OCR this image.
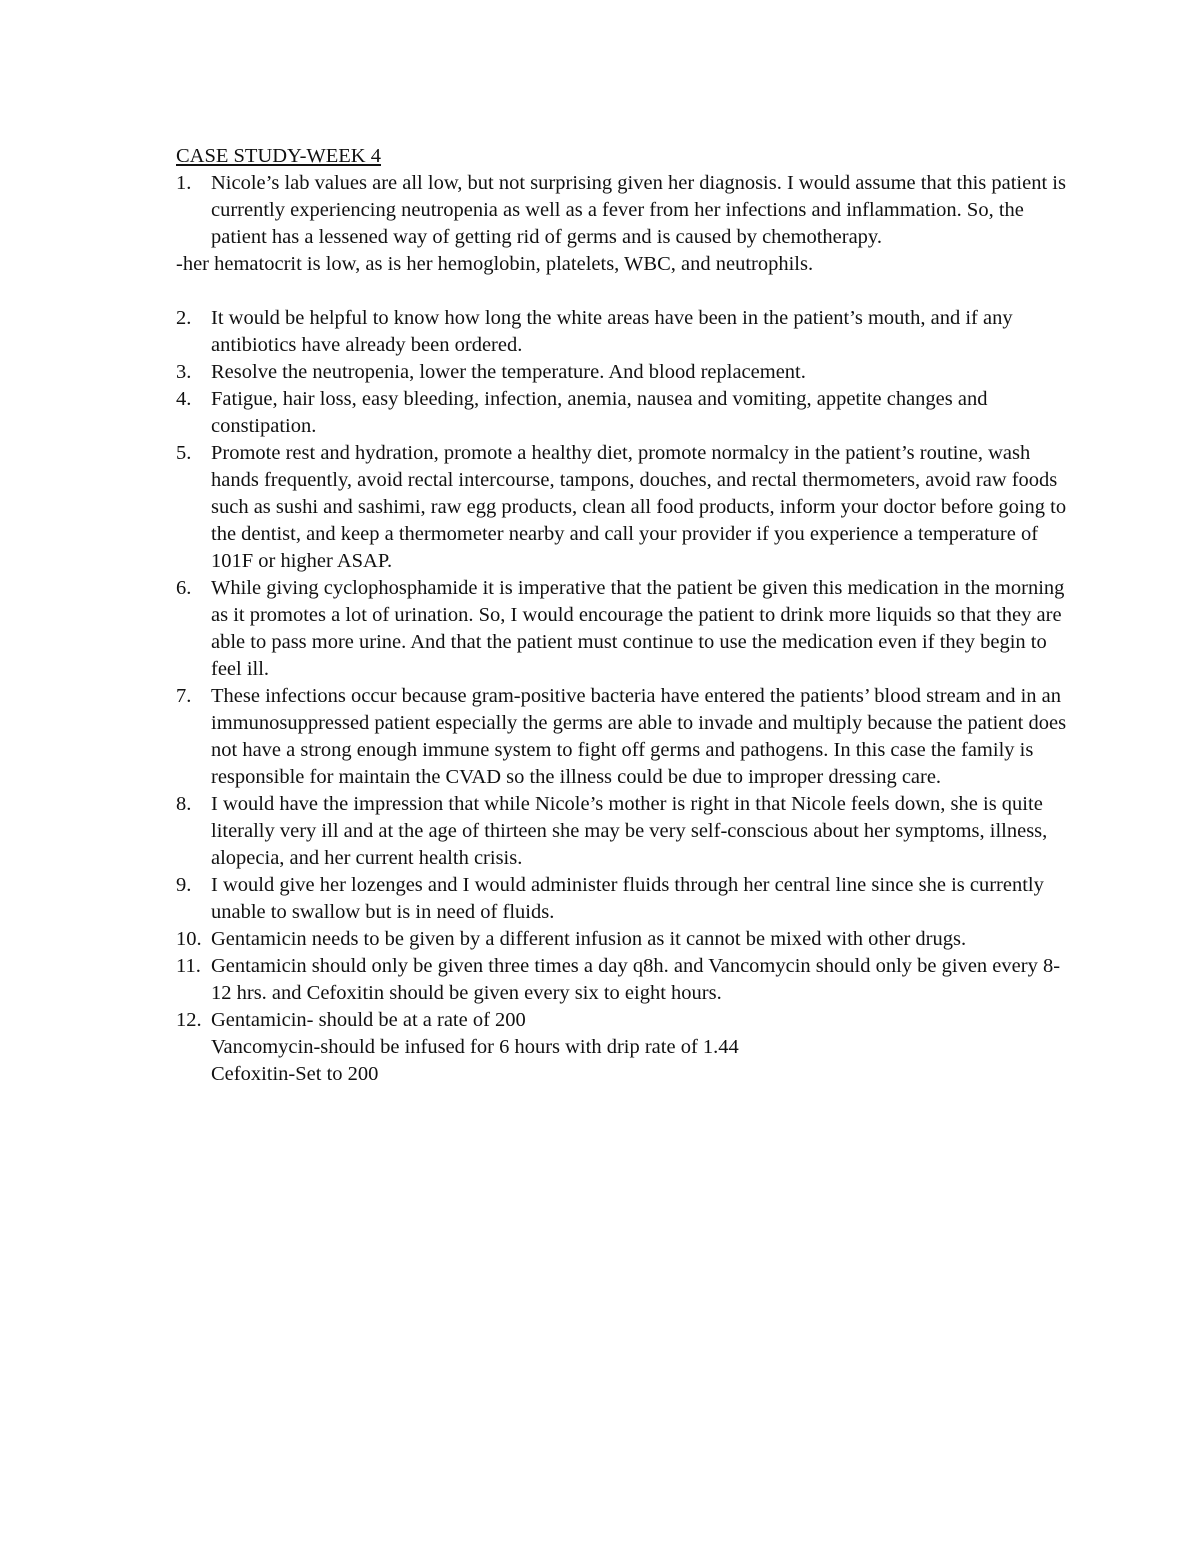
CASE STUDY-WEEK 4
1. Nicole’s lab values are all low, but not surprising given her diagnosis. I would assume that this patient is currently experiencing neutropenia as well as a fever from her infections and inflammation. So, the patient has a lessened way of getting rid of germs and is caused by chemotherapy.
-her hematocrit is low, as is her hemoglobin, platelets, WBC, and neutrophils.
2. It would be helpful to know how long the white areas have been in the patient’s mouth, and if any antibiotics have already been ordered.
3. Resolve the neutropenia, lower the temperature. And blood replacement.
4. Fatigue, hair loss, easy bleeding, infection, anemia, nausea and vomiting, appetite changes and constipation.
5. Promote rest and hydration, promote a healthy diet, promote normalcy in the patient’s routine, wash hands frequently, avoid rectal intercourse, tampons, douches, and rectal thermometers, avoid raw foods such as sushi and sashimi, raw egg products, clean all food products, inform your doctor before going to the dentist, and keep a thermometer nearby and call your provider if you experience a temperature of 101F or higher ASAP.
6. While giving cyclophosphamide it is imperative that the patient be given this medication in the morning as it promotes a lot of urination. So, I would encourage the patient to drink more liquids so that they are able to pass more urine. And that the patient must continue to use the medication even if they begin to feel ill.
7. These infections occur because gram-positive bacteria have entered the patients’ blood stream and in an immunosuppressed patient especially the germs are able to invade and multiply because the patient does not have a strong enough immune system to fight off germs and pathogens. In this case the family is responsible for maintain the CVAD so the illness could be due to improper dressing care.
8. I would have the impression that while Nicole’s mother is right in that Nicole feels down, she is quite literally very ill and at the age of thirteen she may be very self-conscious about her symptoms, illness, alopecia, and her current health crisis.
9. I would give her lozenges and I would administer fluids through her central line since she is currently unable to swallow but is in need of fluids.
10. Gentamicin needs to be given by a different infusion as it cannot be mixed with other drugs.
11. Gentamicin should only be given three times a day q8h. and Vancomycin should only be given every 8-12 hrs. and Cefoxitin should be given every six to eight hours.
12. Gentamicin- should be at a rate of 200
Vancomycin-should be infused for 6 hours with drip rate of 1.44
Cefoxitin-Set to 200
